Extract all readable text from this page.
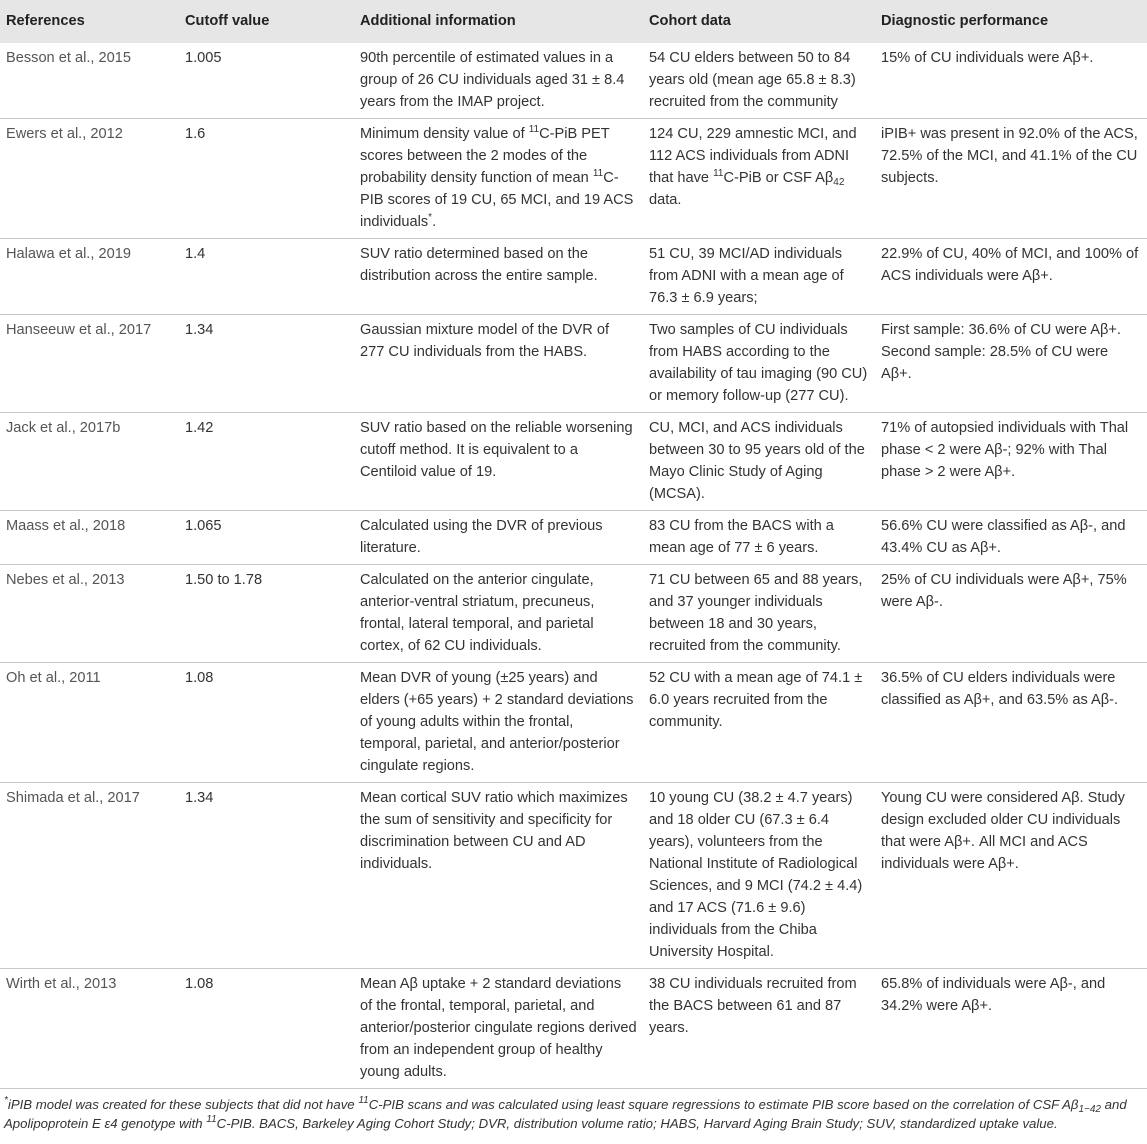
References	Cutoff value	Additional information	Cohort data	Diagnostic performance
Besson et al., 2015	1.005	90th percentile of estimated values in a group of 26 CU individuals aged 31 ± 8.4 years from the IMAP project.	54 CU elders between 50 to 84 years old (mean age 65.8 ± 8.3) recruited from the community	15% of CU individuals were Aβ+.
Ewers et al., 2012	1.6	Minimum density value of $^{11}$C-PiB PET scores between the 2 modes of the probability density function of mean $^{11}$C-PIB scores of 19 CU, 65 MCI, and 19 ACS individuals*.	124 CU, 229 amnestic MCI, and 112 ACS individuals from ADNI that have $^{11}$C-PiB or CSF $A\beta_{42}$ data.	iPIB+ was present in 92.0% of the ACS, 72.5% of the MCI, and 41.1% of the CU subjects.
Halawa et al., 2019	1.4	SUV ratio determined based on the distribution across the entire sample.	51 CU, 39 MCI/AD individuals from ADNI with a mean age of 76.3 ± 6.9 years;	22.9% of CU, 40% of MCI, and 100% of ACS individuals were Aβ+.
Hanseeuw et al., 2017	1.34	Gaussian mixture model of the DVR of 277 CU individuals from the HABS.	Two samples of CU individuals from HABS according to the availability of tau imaging (90 CU) or memory follow-up (277 CU).	First sample: 36.6% of CU were Aβ+. Second sample: 28.5% of CU were Aβ+.
Jack et al., 2017b	1.42	SUV ratio based on the reliable worsening cutoff method. It is equivalent to a Centiloid value of 19.	CU, MCI, and ACS individuals between 30 to 95 years old of the Mayo Clinic Study of Aging (MCSA).	71% of autopsied individuals with Thal phase < 2 were Aβ-; 92% with Thal phase > 2 were Aβ+.
Maass et al., 2018	1.065	Calculated using the DVR of previous literature.	83 CU from the BACS with a mean age of 77 ± 6 years.	56.6% CU were classified as Aβ-, and 43.4% CU as Aβ+.
Nebes et al., 2013	1.50 to 1.78	Calculated on the anterior cingulate, anterior-ventral striatum, precuneus, frontal, lateral temporal, and parietal cortex, of 62 CU individuals.	71 CU between 65 and 88 years, and 37 younger individuals between 18 and 30 years, recruited from the community.	25% of CU individuals were Aβ+, 75% were Aβ-.
Oh et al., 2011	1.08	Mean DVR of young (±25 years) and elders (+65 years) + 2 standard deviations of young adults within the frontal, temporal, parietal, and anterior/posterior cingulate regions.	52 CU with a mean age of 74.1 ± 6.0 years recruited from the community.	36.5% of CU elders individuals were classified as Aβ+, and 63.5% as Aβ-.
Shimada et al., 2017	1.34	Mean cortical SUV ratio which maximizes the sum of sensitivity and specificity for discrimination between CU and AD individuals.	10 young CU (38.2 ± 4.7 years) and 18 older CU (67.3 ± 6.4 years), volunteers from the National Institute of Radiological Sciences, and 9 MCI (74.2 ± 4.4) and 17 ACS (71.6 ± 9.6) individuals from the Chiba University Hospital.	Young CU were considered Aβ. Study design excluded older CU individuals that were Aβ+. All MCI and ACS individuals were Aβ+.
Wirth et al., 2013	1.08	Mean Aβ uptake + 2 standard deviations of the frontal, temporal, parietal, and anterior/posterior cingulate regions derived from an independent group of healthy young adults.	38 CU individuals recruited from the BACS between 61 and 87 years.	65.8% of individuals were Aβ-, and 34.2% were Aβ+.
*iPIB model was created for these subjects that did not have $^{11}$C-PIB scans and was calculated using least square regressions to estimate PIB score based on the correlation of CSF $A\beta_{1-42}$ and Apolipoprotein E ε4 genotype with $^{11}$C-PIB. BACS, Barkeley Aging Cohort Study; DVR, distribution volume ratio; HABS, Harvard Aging Brain Study; SUV, standardized uptake value.
